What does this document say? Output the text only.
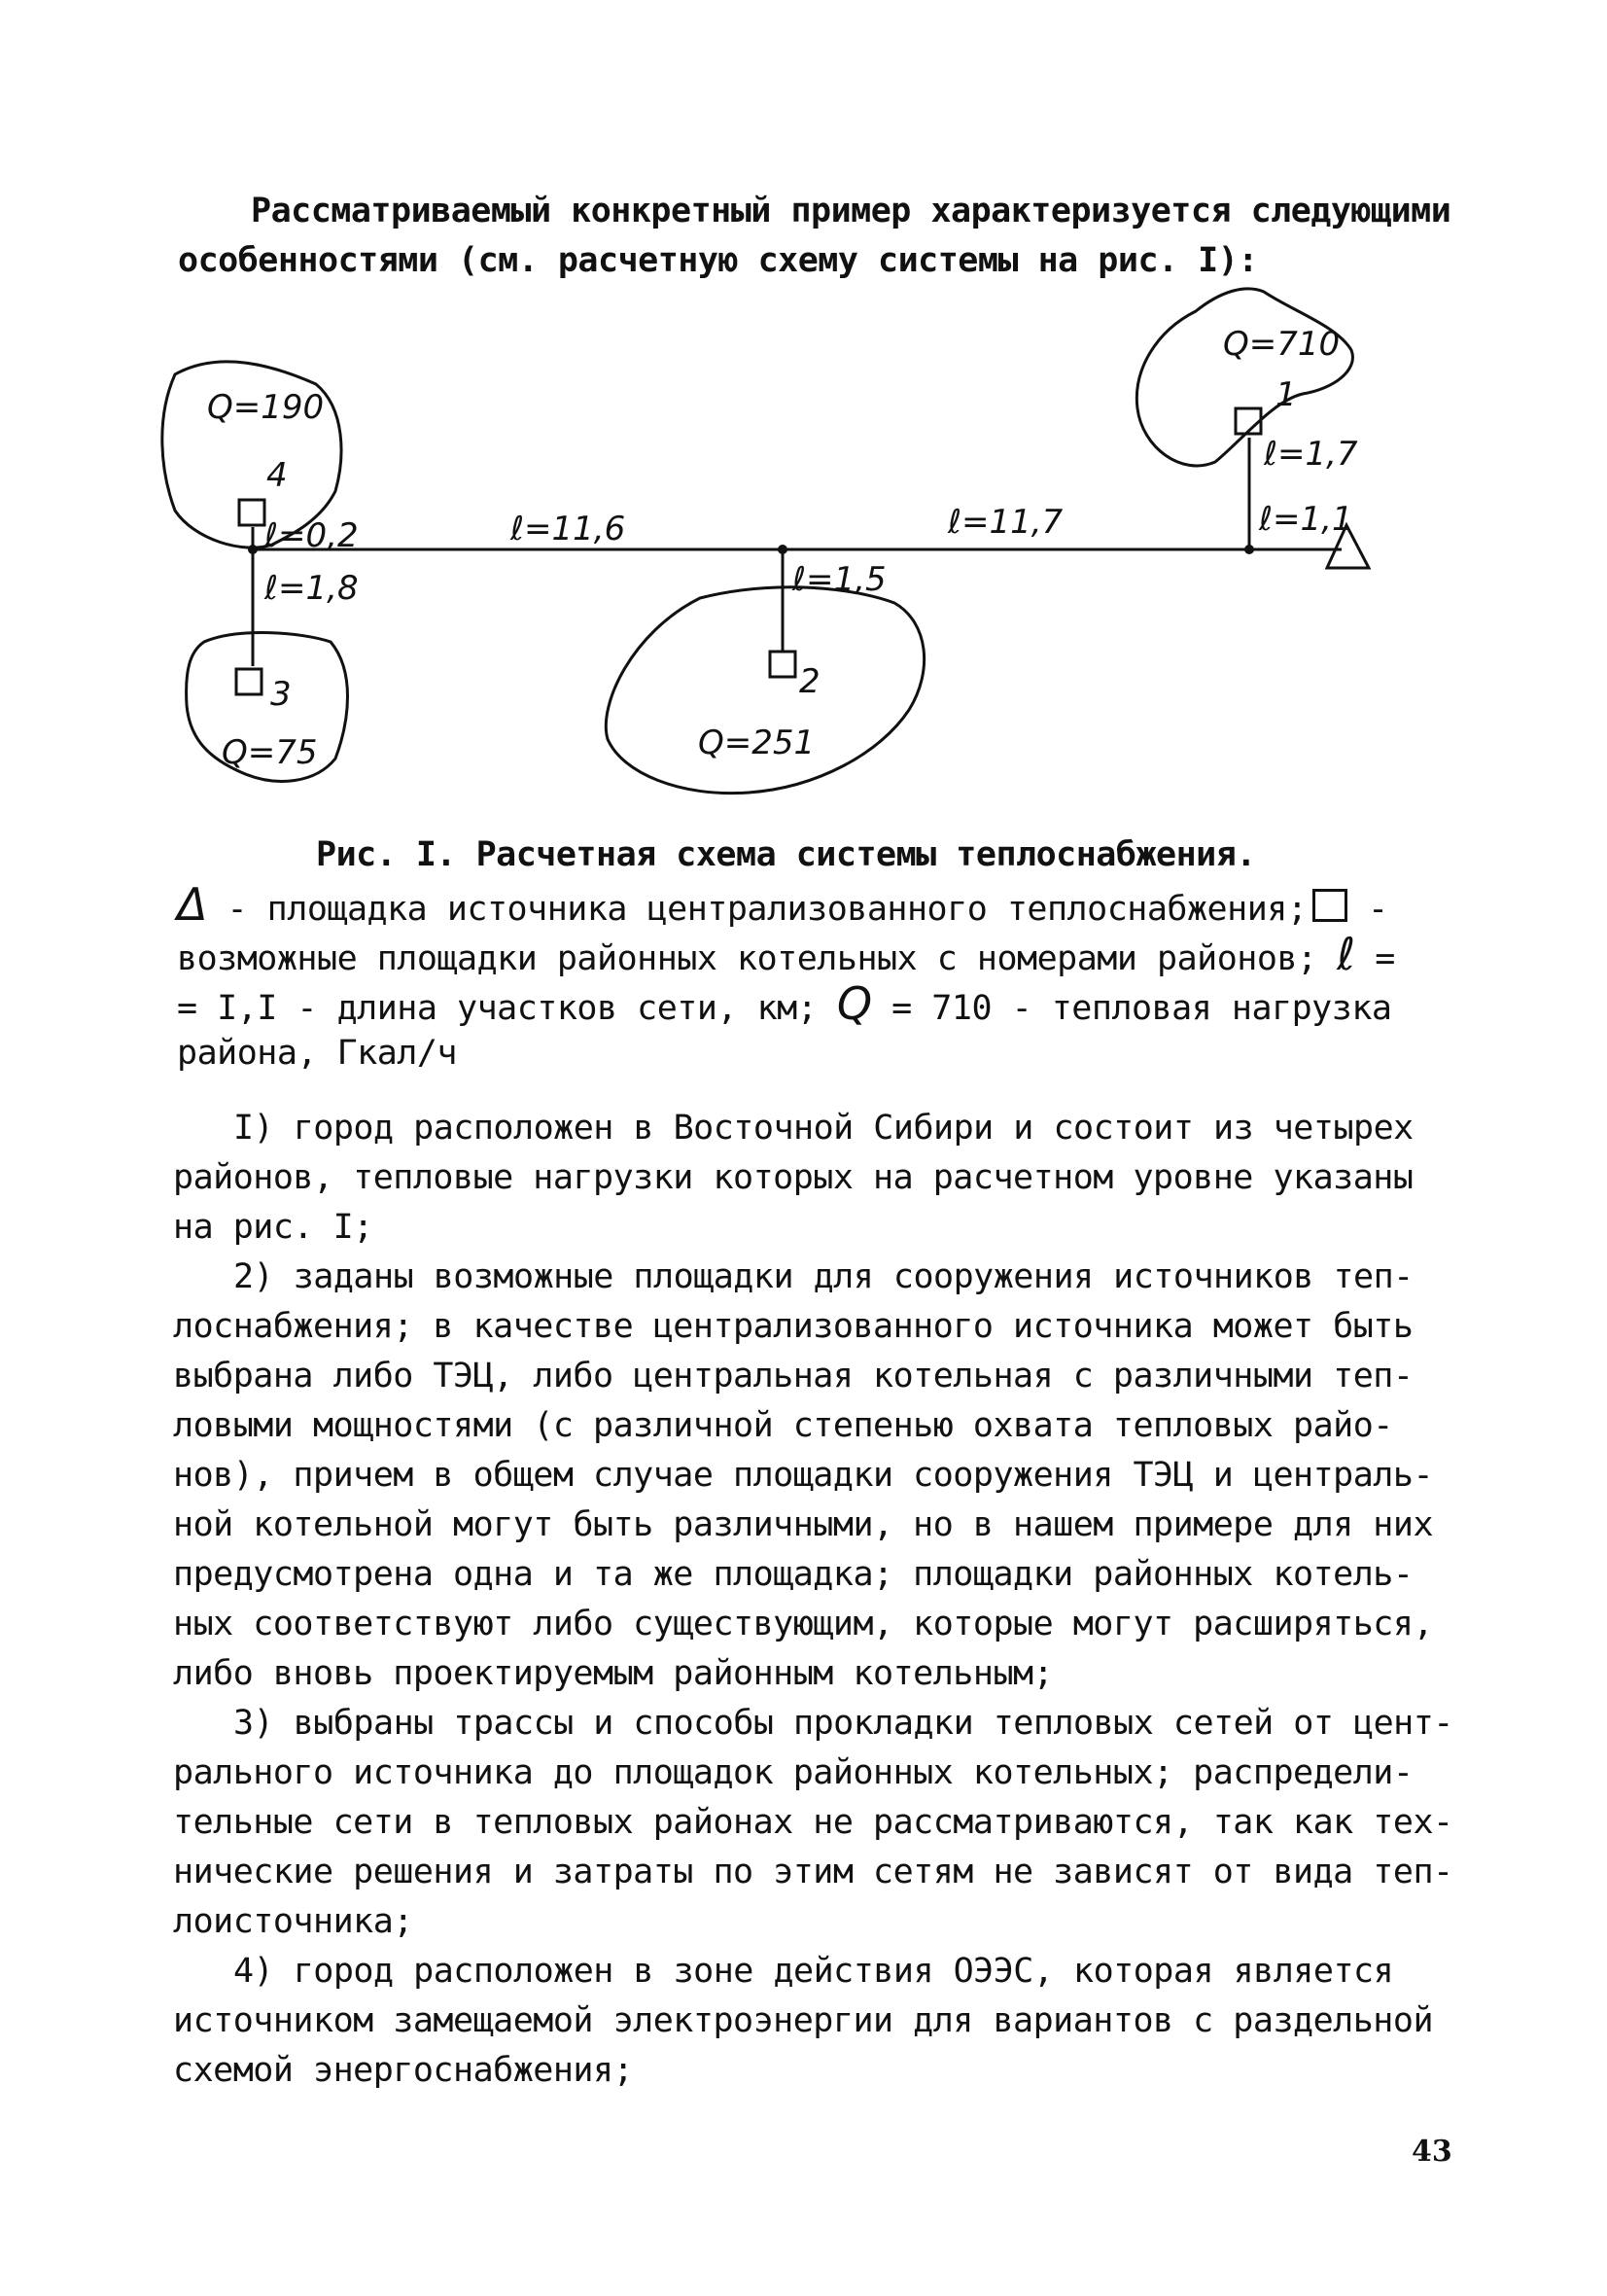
Рассматриваемый конкретный пример характеризуется следующими
особенностями (см. расчетную схему системы на рис. I):
Q=710
Q=190
Q=75	Q=251
1
4
3	2
ℓ=1,7
ℓ=1,1
ℓ=11,7
ℓ=11,6
ℓ=1,5
ℓ=0,2
ℓ=1,8
Рис. I. Расчетная схема системы теплоснабжения.
Δ - площадка источника централизованного теплоснабжения; -
возможные площадки районных котельных с номерами районов; ℓ =
= I,I - длина участков сети, км; Q = 710 - тепловая нагрузка
района, Гкал/ч
I) город расположен в Восточной Сибири и состоит из четырех
районов, тепловые нагрузки которых на расчетном уровне указаны
на рис. I;
2) заданы возможные площадки для сооружения источников теп-
лоснабжения; в качестве централизованного источника может быть
выбрана либо ТЭЦ, либо центральная котельная с различными теп-
ловыми мощностями (с различной степенью охвата тепловых райо-
нов), причем в общем случае площадки сооружения ТЭЦ и централь-
ной котельной могут быть различными, но в нашем примере для них
предусмотрена одна и та же площадка; площадки районных котель-
ных соответствуют либо существующим, которые могут расширяться,
либо вновь проектируемым районным котельным;
3) выбраны трассы и способы прокладки тепловых сетей от цент-
рального источника до площадок районных котельных; распредели-
тельные сети в тепловых районах не рассматриваются, так как тех-
нические решения и затраты по этим сетям не зависят от вида теп-
лоисточника;
4) город расположен в зоне действия ОЭЭС, которая является
источником замещаемой электроэнергии для вариантов с раздельной
схемой энергоснабжения;
43
